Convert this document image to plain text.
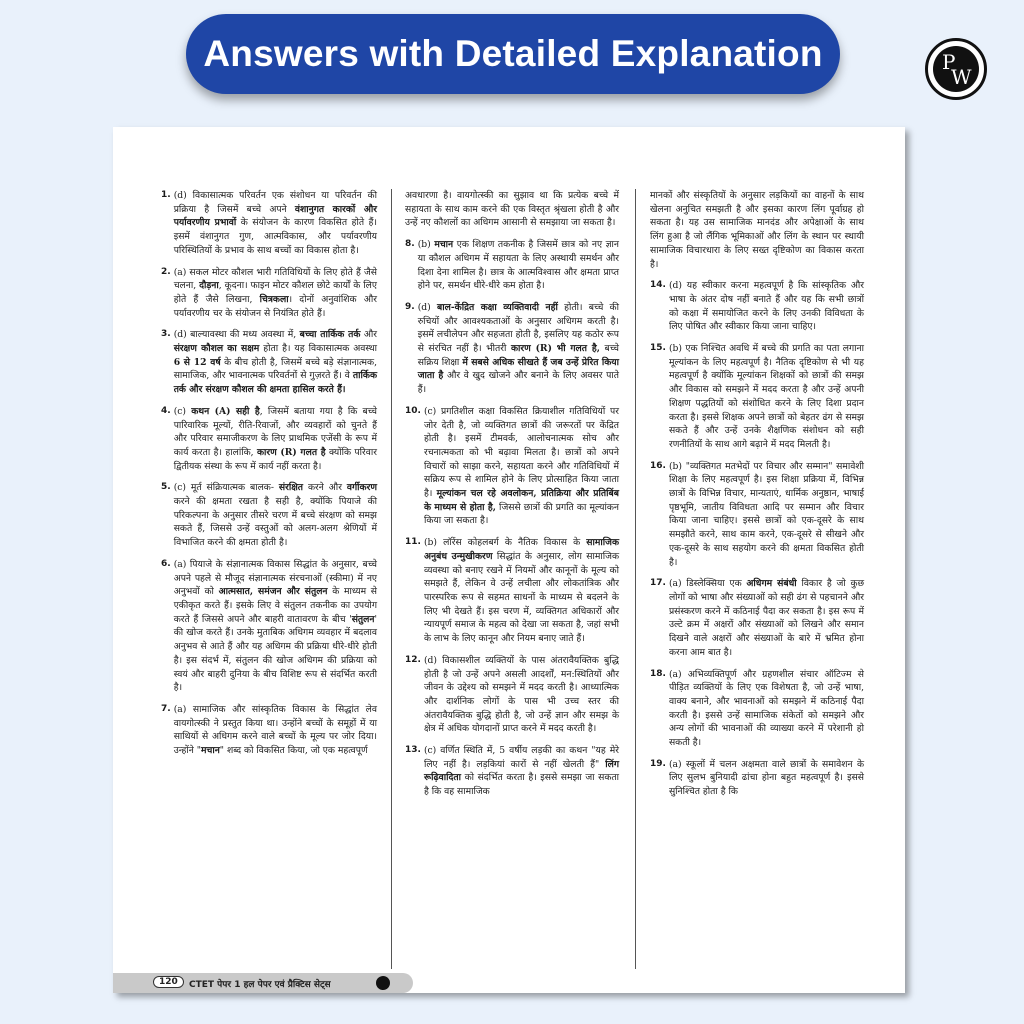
Answers with Detailed Explanation	P
W
1. (d) विकासात्मक परिवर्तन एक संशोधन या परिवर्तन की प्रक्रिया है जिसमें बच्चे अपने वंशानुगत कारकों और पर्यावरणीय प्रभावों के संयोजन के कारण विकसित होते हैं। इसमें वंशानुगत गुण, आत्मविकास, और पर्यावरणीय परिस्थितियों के प्रभाव के साथ बच्चों का विकास होता है।
2. (a) सकल मोटर कौशल भारी गतिविधियों के लिए होते हैं जैसे चलना, दौड़ना, कूदना। फाइन मोटर कौशल छोटे कार्यों के लिए होते हैं जैसे लिखना, चित्रकला। दोनों अनुवांशिक और पर्यावरणीय चर के संयोजन से नियंत्रित होते हैं।
3. (d) बाल्यावस्था की मध्य अवस्था में, बच्चा तार्किक तर्क और संरक्षण कौशल का सक्षम होता है। यह विकासात्मक अवस्था 6 से 12 वर्ष के बीच होती है, जिसमें बच्चे बड़े संज्ञानात्मक, सामाजिक, और भावनात्मक परिवर्तनों से गुज़रते हैं। वे तार्किक तर्क और संरक्षण कौशल की क्षमता हासिल करते हैं।
4. (c) कथन (A) सही है, जिसमें बताया गया है कि बच्चे पारिवारिक मूल्यों, रीति-रिवाजों, और व्यवहारों को चुनते हैं और परिवार समाजीकरण के लिए प्राथमिक एजेंसी के रूप में कार्य करता है। हालांकि, कारण (R) गलत है क्योंकि परिवार द्वितीयक संस्था के रूप में कार्य नहीं करता है।
5. (c) मूर्त संक्रियात्मक बालक- संरक्षित करने और वर्गीकरण करने की क्षमता रखता है सही है, क्योंकि पियाजे की परिकल्पना के अनुसार तीसरे चरण में बच्चे संरक्षण को समझ सकते हैं, जिससे उन्हें वस्तुओं को अलग-अलग श्रेणियों में विभाजित करने की क्षमता होती है।
6. (a) पियाजे के संज्ञानात्मक विकास सिद्धांत के अनुसार, बच्चे अपने पहले से मौजूद संज्ञानात्मक संरचनाओं (स्कीमा) में नए अनुभवों को आत्मसात, समंजन और संतुलन के माध्यम से एकीकृत करते हैं। इसके लिए वे संतुलन तकनीक का उपयोग करते हैं जिससे अपने और बाहरी वातावरण के बीच 'संतुलन' की खोज करते हैं। उनके मुताबिक अधिगम व्यवहार में बदलाव अनुभव से आते हैं और यह अधिगम की प्रक्रिया धीरे-धीरे होती है। इस संदर्भ में, संतुलन की खोज अधिगम की प्रक्रिया को स्वयं और बाहरी दुनिया के बीच विशिष्ट रूप से संदर्भित करती है।
7. (a) सामाजिक और सांस्कृतिक विकास के सिद्धांत लेव वायगोत्स्की ने प्रस्तुत किया था। उन्होंने बच्चों के समूहों में या साथियों से अधिगम करने वाले बच्चों के मूल्य पर जोर दिया। उन्होंने "मचान" शब्द को विकसित किया, जो एक महत्वपूर्ण
अवधारणा है। वायगोत्स्की का सुझाव था कि प्रत्येक बच्चे में सहायता के साथ काम करने की एक विस्तृत श्रृंखला होती है और उन्हें नए कौशलों का अधिगम आसानी से समझाया जा सकता है।
8. (b) मचान एक शिक्षण तकनीक है जिसमें छात्र को नए ज्ञान या कौशल अधिगम में सहायता के लिए अस्थायी समर्थन और दिशा देना शामिल है। छात्र के आत्मविश्वास और क्षमता प्राप्त होने पर, समर्थन धीरे-धीरे कम होता है।
9. (d) बाल-केंद्रित कक्षा व्यक्तिवादी नहीं होती। बच्चे की रुचियों और आवश्यकताओं के अनुसार अधिगम करती है। इसमें लचीलेपन और सहजता होती है, इसलिए यह कठोर रूप से संरचित नहीं है। भीतरी कारण (R) भी गलत है, बच्चे सक्रिय शिक्षा में सबसे अधिक सीखते हैं जब उन्हें प्रेरित किया जाता है और वे खुद खोजने और बनाने के लिए अवसर पाते हैं।
10. (c) प्रगतिशील कक्षा विकसित क्रियाशील गतिविधियों पर जोर देती है, जो व्यक्तिगत छात्रों की जरूरतों पर केंद्रित होती है। इसमें टीमवर्क, आलोचनात्मक सोच और रचनात्मकता को भी बढ़ावा मिलता है। छात्रों को अपने विचारों को साझा करने, सहायता करने और गतिविधियों में सक्रिय रूप से शामिल होने के लिए प्रोत्साहित किया जाता है। मूल्यांकन चल रहे अवलोकन, प्रतिक्रिया और प्रतिबिंब के माध्यम से होता है, जिससे छात्रों की प्रगति का मूल्यांकन किया जा सकता है।
11. (b) लॉरेंस कोहलबर्ग के नैतिक विकास के सामाजिक अनुबंध उन्मुखीकरण सिद्धांत के अनुसार, लोग सामाजिक व्यवस्था को बनाए रखने में नियमों और कानूनों के मूल्य को समझते हैं, लेकिन वे उन्हें लचीला और लोकतांत्रिक और पारस्परिक रूप से सहमत साधनों के माध्यम से बदलने के लिए भी देखते हैं। इस चरण में, व्यक्तिगत अधिकारों और न्यायपूर्ण समाज के महत्व को देखा जा सकता है, जहां सभी के लाभ के लिए कानून और नियम बनाए जाते हैं।
12. (d) विकासशील व्यक्तियों के पास अंतरावैयक्तिक बुद्धि होती है जो उन्हें अपने असली आदर्शों, मन:स्थितियों और जीवन के उद्देश्य को समझने में मदद करती है। आध्यात्मिक और दार्शनिक लोगों के पास भी उच्च स्तर की अंतरावैयक्तिक बुद्धि होती है, जो उन्हें ज्ञान और समझ के क्षेत्र में अधिक योगदानों प्राप्त करने में मदद करती है।
13. (c) वर्णित स्थिति में, 5 वर्षीय लड़की का कथन "यह मेरे लिए नहीं है। लड़कियां कारों से नहीं खेलती हैं" लिंग रूढ़िवादिता को संदर्भित करता है। इससे समझा जा सकता है कि वह सामाजिक
मानकों और संस्कृतियों के अनुसार लड़कियों का वाहनों के साथ खेलना अनुचित समझती है और इसका कारण लिंग पूर्वाग्रह हो सकता है। यह उस सामाजिक मानदंड और अपेक्षाओं के साथ लिंग हुआ है जो लैंगिक भूमिकाओं और लिंग के स्थान पर स्थायी सामाजिक विचारधारा के लिए सख्त दृष्टिकोण का विकास करता है।
14. (d) यह स्वीकार करना महत्वपूर्ण है कि सांस्कृतिक और भाषा के अंतर दोष नहीं बनाते हैं और यह कि सभी छात्रों को कक्षा में समायोजित करने के लिए उनकी विविधता के लिए पोषित और स्वीकार किया जाना चाहिए।
15. (b) एक निश्चित अवधि में बच्चे की प्रगति का पता लगाना मूल्यांकन के लिए महत्वपूर्ण है। नैतिक दृष्टिकोण से भी यह महत्वपूर्ण है क्योंकि मूल्यांकन शिक्षकों को छात्रों की समझ और विकास को समझने में मदद करता है और उन्हें अपनी शिक्षण पद्धतियों को संशोधित करने के लिए दिशा प्रदान करता है। इससे शिक्षक अपने छात्रों को बेहतर ढंग से समझ सकते हैं और उन्हें उनके शैक्षणिक संशोधन को सही रणनीतियों के साथ आगे बढ़ाने में मदद मिलती है।
16. (b) "व्यक्तिगत मतभेदों पर विचार और सम्मान" समावेशी शिक्षा के लिए महत्वपूर्ण है। इस शिक्षा प्रक्रिया में, विभिन्न छात्रों के विभिन्न विचार, मान्यताएं, धार्मिक अनुष्ठान, भाषाई पृष्ठभूमि, जातीय विविधता आदि पर सम्मान और विचार किया जाना चाहिए। इससे छात्रों को एक-दूसरे के साथ समझौते करने, साथ काम करने, एक-दूसरे से सीखने और एक-दूसरे के साथ सहयोग करने की क्षमता विकसित होती है।
17. (a) डिस्लेक्सिया एक अधिगम संबंधी विकार है जो कुछ लोगों को भाषा और संख्याओं को सही ढंग से पहचानने और प्रसंस्करण करने में कठिनाई पैदा कर सकता है। इस रूप में उल्टे क्रम में अक्षरों और संख्याओं को लिखने और समान दिखने वाले अक्षरों और संख्याओं के बारे में भ्रमित होना करना आम बात है।
18. (a) अभिव्यक्तिपूर्ण और ग्रहणशील संचार ऑटिज्म से पीड़ित व्यक्तियों के लिए एक विशेषता है, जो उन्हें भाषा, वाक्य बनाने, और भावनाओं को समझने में कठिनाई पैदा करती है। इससे उन्हें सामाजिक संकेतों को समझने और अन्य लोगों की भावनाओं की व्याख्या करने में परेशानी हो सकती है।
19. (a) स्कूलों में चलन अक्षमता वाले छात्रों के समावेशन के लिए सुलभ बुनियादी ढांचा होना बहुत महत्वपूर्ण है। इससे सुनिश्चित होता है कि
120	CTET पेपर 1 हल पेपर एवं प्रैक्टिस सेट्स
